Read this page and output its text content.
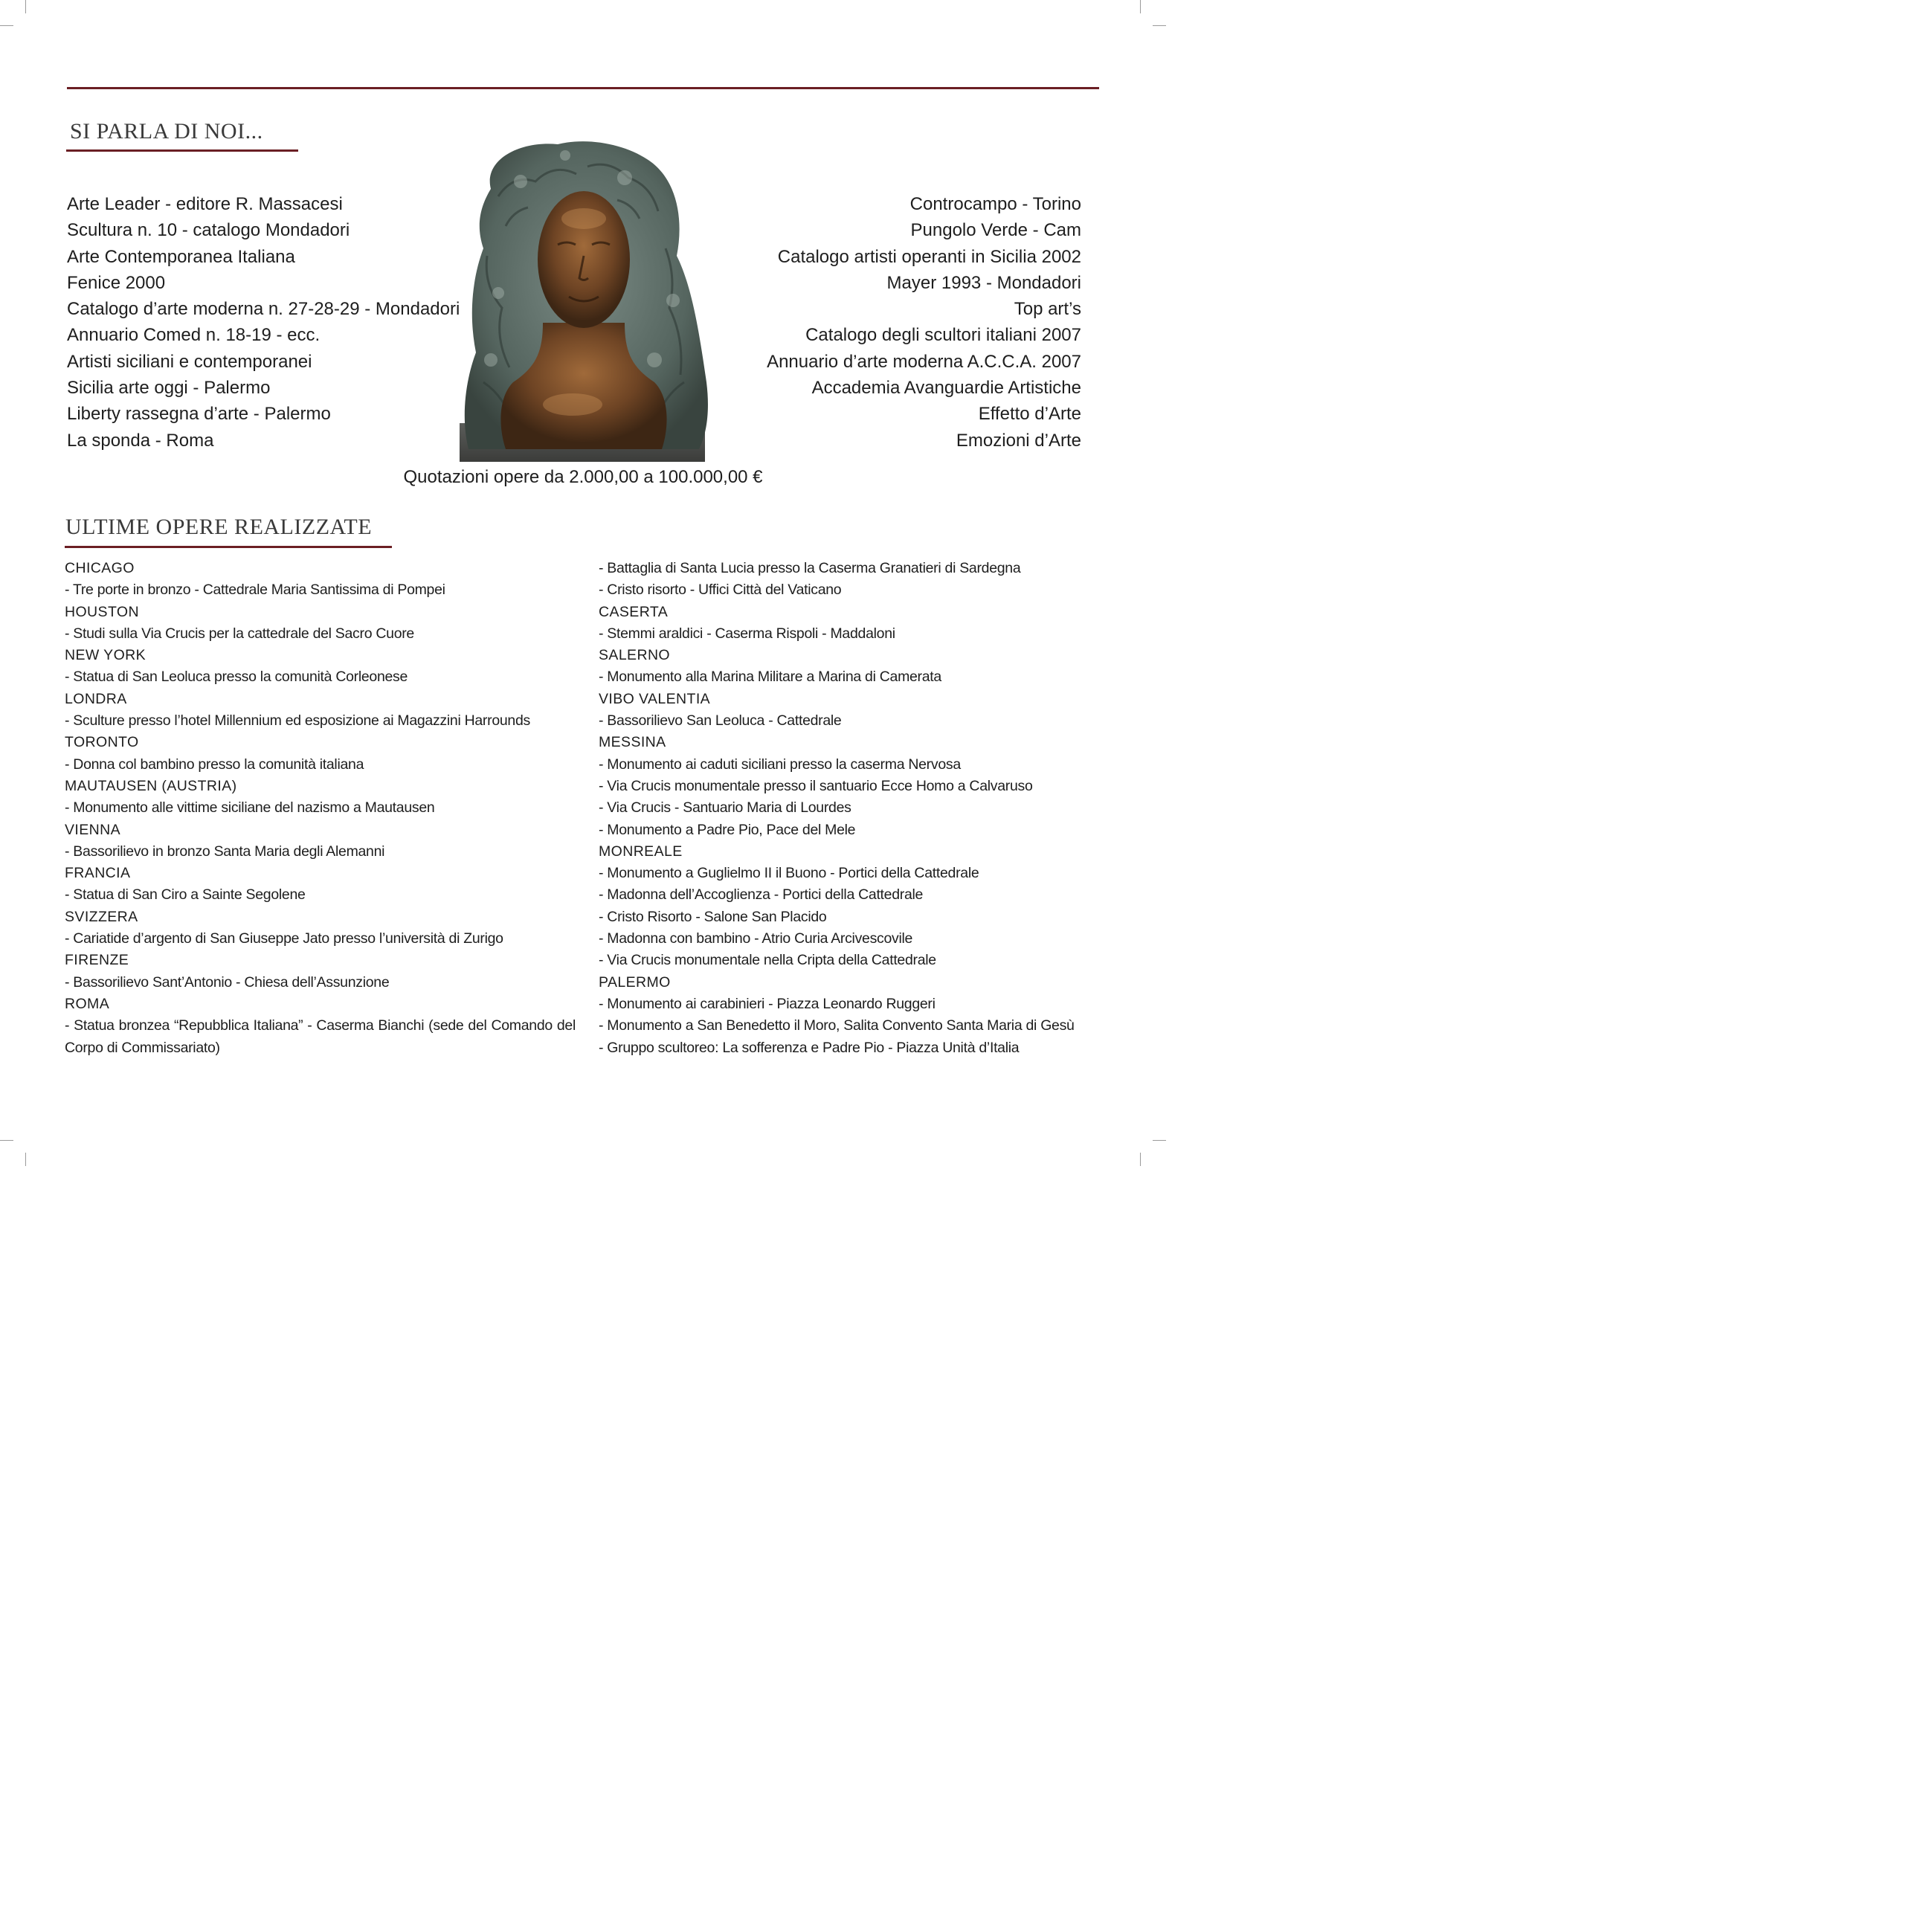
SI PARLA DI NOI...
Arte Leader - editore R. Massacesi
Scultura n. 10 - catalogo Mondadori
Arte Contemporanea Italiana
Fenice 2000
Catalogo d’arte moderna n. 27-28-29 - Mondadori
Annuario Comed n. 18-19 - ecc.
Artisti siciliani e contemporanei
Sicilia arte oggi - Palermo
Liberty rassegna d’arte - Palermo
La sponda - Roma
Controcampo - Torino
Pungolo Verde - Cam
Catalogo artisti operanti in Sicilia 2002
Mayer 1993 - Mondadori
Top art’s
Catalogo degli scultori italiani 2007
Annuario d’arte moderna A.C.C.A. 2007
Accademia Avanguardie Artistiche
Effetto d’Arte
Emozioni d’Arte
Quotazioni opere da 2.000,00 a 100.000,00 €
ULTIME OPERE REALIZZATE
CHICAGO
- Tre porte in bronzo - Cattedrale Maria Santissima di Pompei
HOUSTON
- Studi sulla Via Crucis per la cattedrale del Sacro Cuore
NEW YORK
- Statua di San Leoluca presso la comunità Corleonese
LONDRA
- Sculture presso l’hotel Millennium ed esposizione ai Magazzini Harrounds
TORONTO
- Donna col bambino presso la comunità italiana
MAUTAUSEN (AUSTRIA)
- Monumento alle vittime siciliane del nazismo a Mautausen
VIENNA
- Bassorilievo in bronzo Santa Maria degli Alemanni
FRANCIA
- Statua di San Ciro a Sainte Segolene
SVIZZERA
- Cariatide d’argento di San Giuseppe Jato presso l’università di Zurigo
FIRENZE
- Bassorilievo Sant’Antonio - Chiesa dell’Assunzione
ROMA
- Statua bronzea “Repubblica Italiana” - Caserma Bianchi (sede del Comando del Corpo di Commissariato)
- Battaglia di Santa Lucia presso la Caserma Granatieri di Sardegna
- Cristo risorto - Uffici Città del Vaticano
CASERTA
- Stemmi araldici - Caserma Rispoli - Maddaloni
SALERNO
- Monumento alla Marina Militare a Marina di Camerata
VIBO VALENTIA
- Bassorilievo San Leoluca - Cattedrale
MESSINA
- Monumento ai caduti siciliani presso la caserma Nervosa
- Via Crucis monumentale presso il santuario Ecce Homo a Calvaruso
- Via Crucis - Santuario Maria di Lourdes
- Monumento a Padre Pio, Pace del Mele
MONREALE
- Monumento a Guglielmo II il Buono - Portici della Cattedrale
- Madonna dell’Accoglienza - Portici della Cattedrale
- Cristo Risorto - Salone San Placido
- Madonna con bambino - Atrio Curia Arcivescovile
- Via Crucis monumentale nella Cripta della Cattedrale
PALERMO
- Monumento ai carabinieri - Piazza Leonardo Ruggeri
- Monumento a San Benedetto il Moro, Salita Convento Santa Maria di Gesù
- Gruppo scultoreo: La sofferenza e Padre Pio - Piazza Unità d’Italia
